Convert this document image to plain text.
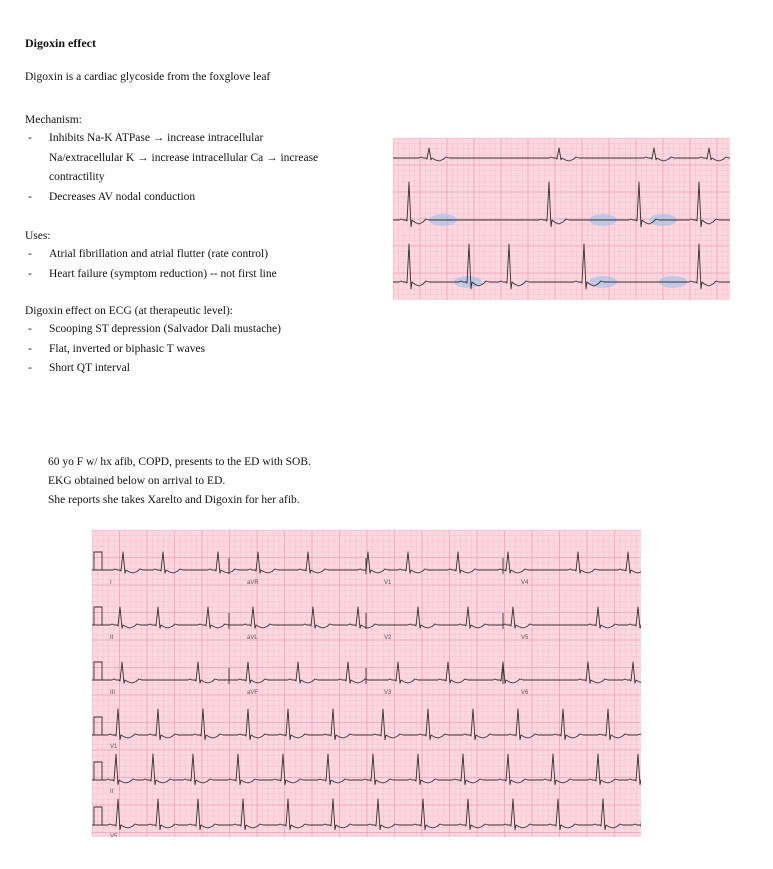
Digoxin effect
Digoxin is a cardiac glycoside from the foxglove leaf
Mechanism:
- Inhibits Na-K ATPase → increase intracellular
Na/extracellular K → increase intracellular Ca → increase
contractility
- Decreases AV nodal conduction
Uses:
- Atrial fibrillation and atrial flutter (rate control)
- Heart failure (symptom reduction) -- not first line
Digoxin effect on ECG (at therapeutic level):
- Scooping ST depression (Salvador Dali mustache)
- Flat, inverted or biphasic T waves
- Short QT interval
60 yo F w/ hx afib, COPD, presents to the ED with SOB.
EKG obtained below on arrival to ED.
She reports she takes Xarelto and Digoxin for her afib.
I	aVR	V1	V4
II	aVL	V2	V5
III	aVF	V3	V6
V1
II
V5
